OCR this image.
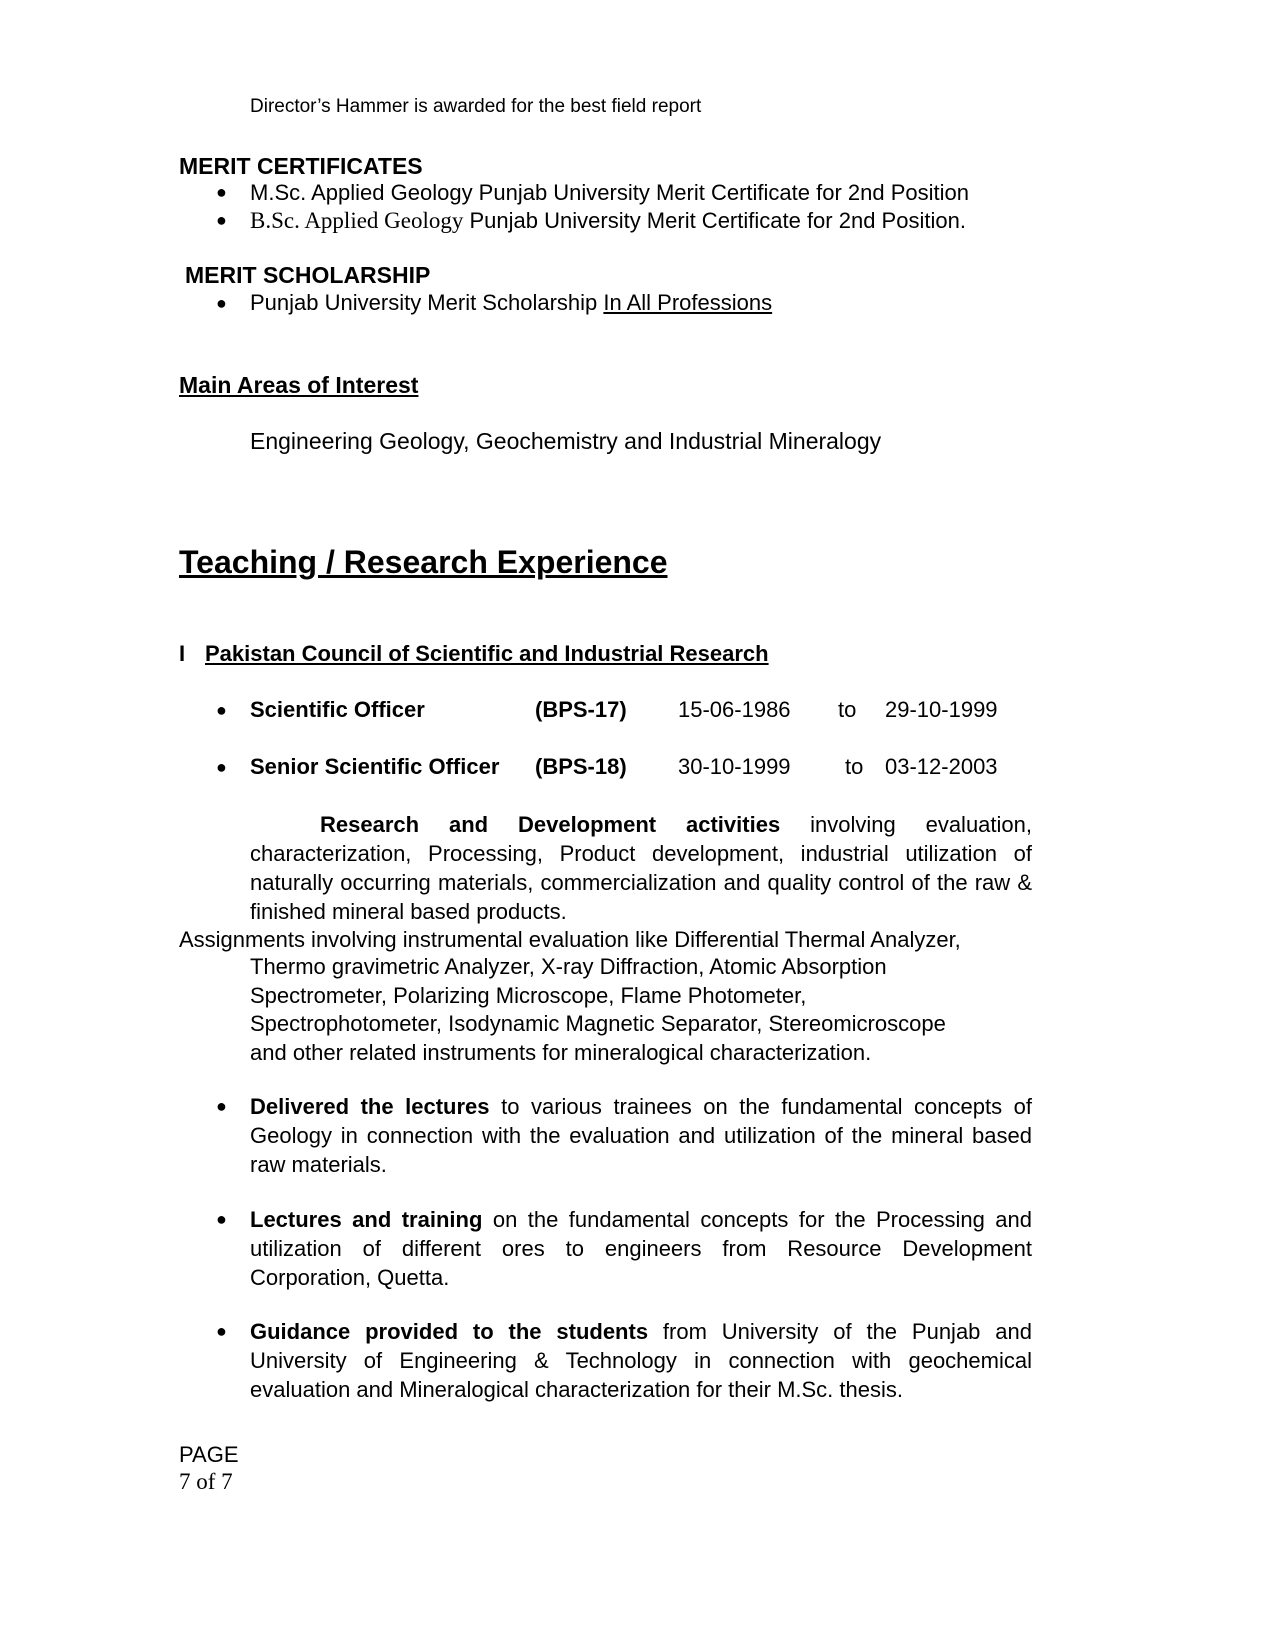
Director’s Hammer is awarded for the best field report
MERIT CERTIFICATES
● M.Sc. Applied Geology Punjab University Merit Certificate for 2nd Position
● B.Sc. Applied Geology Punjab University Merit Certificate for 2nd Position.
MERIT SCHOLARSHIP
● Punjab University Merit Scholarship In All Professions
Main Areas of Interest
Engineering Geology, Geochemistry and Industrial Mineralogy
Teaching / Research Experience
I Pakistan Council of Scientific and Industrial Research
● Scientific Officer	(BPS-17) 15-06-1986 to 29-10-1999
● Senior Scientific Officer (BPS-18) 30-10-1999 to 03-12-2003
Research and Development activities involving evaluation,
characterization, Processing, Product development, industrial utilization of naturally occurring materials, commercialization and quality control of the raw & finished mineral based products.
Assignments involving instrumental evaluation like Differential Thermal Analyzer,
Thermo gravimetric Analyzer, X-ray Diffraction, Atomic Absorption
Spectrometer, Polarizing Microscope, Flame Photometer,
Spectrophotometer, Isodynamic Magnetic Separator, Stereomicroscope
and other related instruments for mineralogical characterization.
● Delivered the lectures to various trainees on the fundamental concepts of Geology in connection with the evaluation and utilization of the mineral based raw materials.
● Lectures and training on the fundamental concepts for the Processing and utilization of different ores to engineers from Resource Development Corporation, Quetta.
● Guidance provided to the students from University of the Punjab and University of Engineering & Technology in connection with geochemical evaluation and Mineralogical characterization for their M.Sc. thesis.
PAGE
7 of 7
